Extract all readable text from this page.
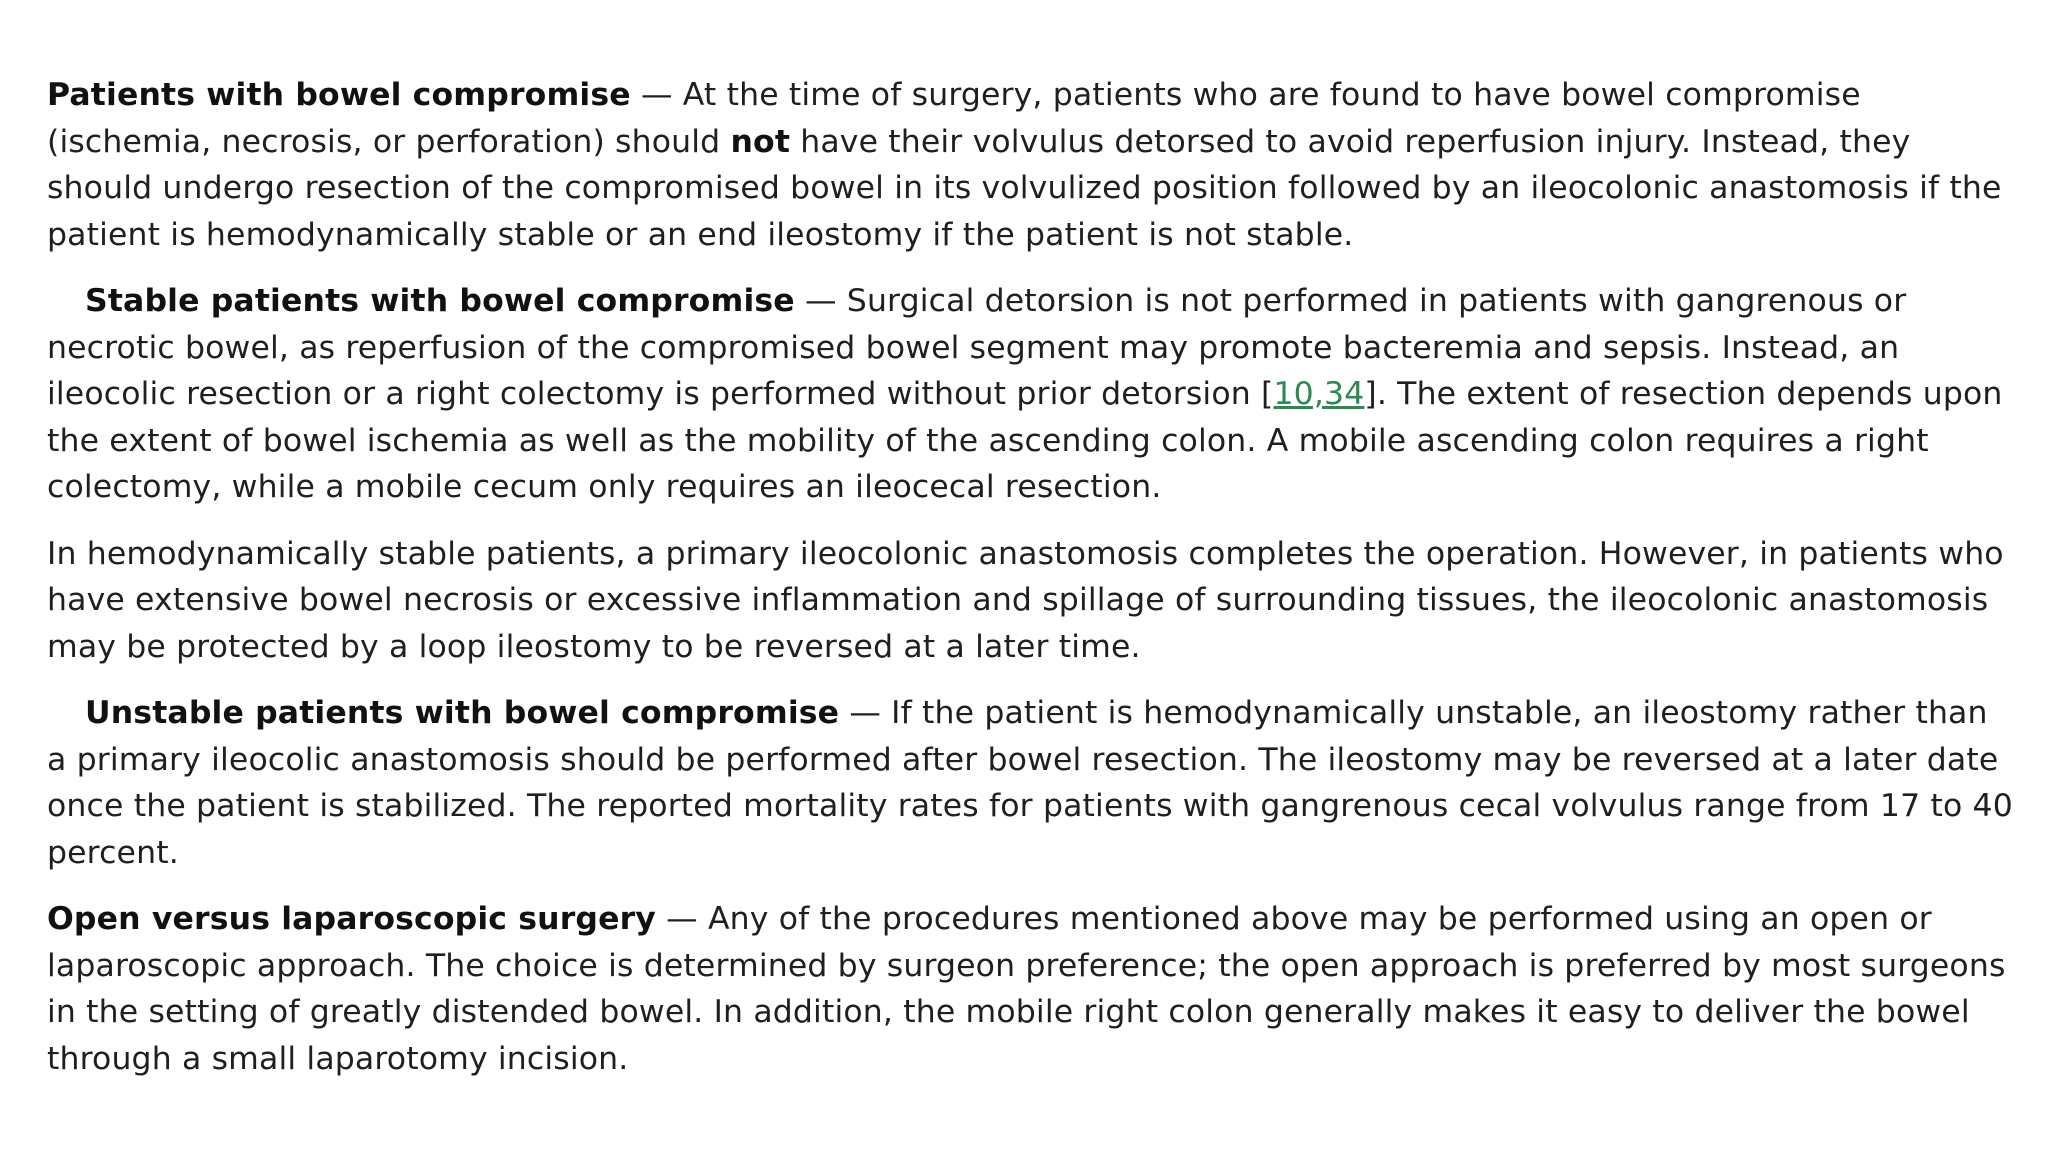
Patients with bowel compromise — At the time of surgery, patients who are found to have bowel compromise (ischemia, necrosis, or perforation) should not have their volvulus detorsed to avoid reperfusion injury. Instead, they should undergo resection of the compromised bowel in its volvulized position followed by an ileocolonic anastomosis if the patient is hemodynamically stable or an end ileostomy if the patient is not stable.

Stable patients with bowel compromise — Surgical detorsion is not performed in patients with gangrenous or necrotic bowel, as reperfusion of the compromised bowel segment may promote bacteremia and sepsis. Instead, an ileocolic resection or a right colectomy is performed without prior detorsion [10,34]. The extent of resection depends upon the extent of bowel ischemia as well as the mobility of the ascending colon. A mobile ascending colon requires a right colectomy, while a mobile cecum only requires an ileocecal resection.

In hemodynamically stable patients, a primary ileocolonic anastomosis completes the operation. However, in patients who have extensive bowel necrosis or excessive inflammation and spillage of surrounding tissues, the ileocolonic anastomosis may be protected by a loop ileostomy to be reversed at a later time.

Unstable patients with bowel compromise — If the patient is hemodynamically unstable, an ileostomy rather than a primary ileocolic anastomosis should be performed after bowel resection. The ileostomy may be reversed at a later date once the patient is stabilized. The reported mortality rates for patients with gangrenous cecal volvulus range from 17 to 40 percent.

Open versus laparoscopic surgery — Any of the procedures mentioned above may be performed using an open or laparoscopic approach. The choice is determined by surgeon preference; the open approach is preferred by most surgeons in the setting of greatly distended bowel. In addition, the mobile right colon generally makes it easy to deliver the bowel through a small laparotomy incision.
